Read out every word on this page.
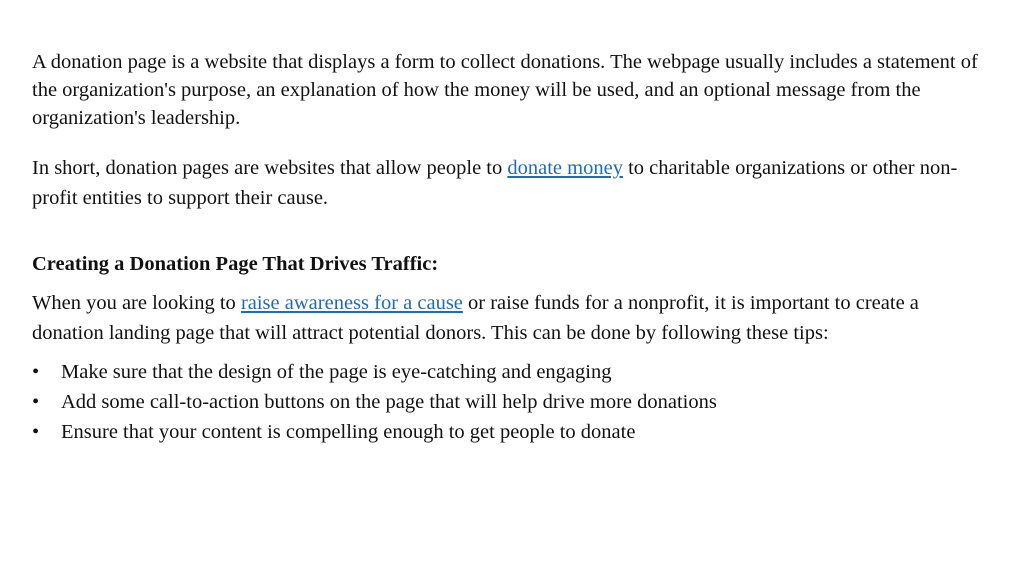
A donation page is a website that displays a form to collect donations. The webpage usually includes a statement of the organization's purpose, an explanation of how the money will be used, and an optional message from the organization's leadership.

In short, donation pages are websites that allow people to donate money to charitable organizations or other non-profit entities to support their cause.

Creating a Donation Page That Drives Traffic:

When you are looking to raise awareness for a cause or raise funds for a nonprofit, it is important to create a donation landing page that will attract potential donors. This can be done by following these tips:

• Make sure that the design of the page is eye-catching and engaging
• Add some call-to-action buttons on the page that will help drive more donations
• Ensure that your content is compelling enough to get people to donate
